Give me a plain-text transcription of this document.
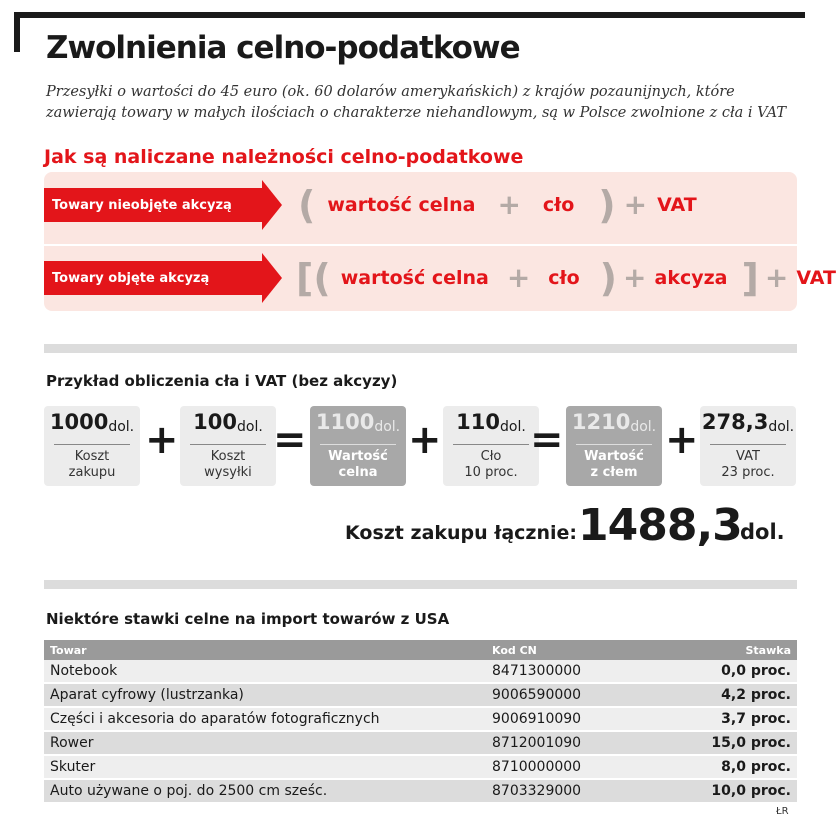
Zwolnienia celno-podatkowe
Przesyłki o wartości do 45 euro (ok. 60 dolarów amerykańskich) z krajów pozaunijnych, które zawierają towary w małych ilościach o charakterze niehandlowym, są w Polsce zwolnione z cła i VAT
Jak są naliczane należności celno-podatkowe
Towary nieobjęte akcyzą	( wartość celna + cło ) + VAT
Towary objęte akcyzą	[ ( wartość celna + cło ) + akcyza ] + VAT
Przykład obliczenia cła i VAT (bez akcyzy)
$1000_{dol.}$
Koszt
zakupu
+ $100_{dol.}$
Koszt
wysyłki
= $1100_{dol.}$
Wartość
celna
+ $110_{dol.}$
Cło
10 proc.
= $1210_{dol.}$
Wartość
z cłem
+ $278,3_{dol.}$
VAT
23 proc.
Koszt zakupu łącznie: 1488,3
dol.
Niektóre stawki celne na import towarów z USA
Towar	Kod CN	Stawka
Notebook	8471300000	0,0 proc.
Aparat cyfrowy (lustrzanka)	9006590000	4,2 proc.
Części i akcesoria do aparatów fotograficznych	9006910090	3,7 proc.
Rower	8712001090	15,0 proc.
Skuter	8710000000	8,0 proc.
Auto używane o poj. do 2500 cm sześc.	8703329000	10,0 proc.
ŁR
